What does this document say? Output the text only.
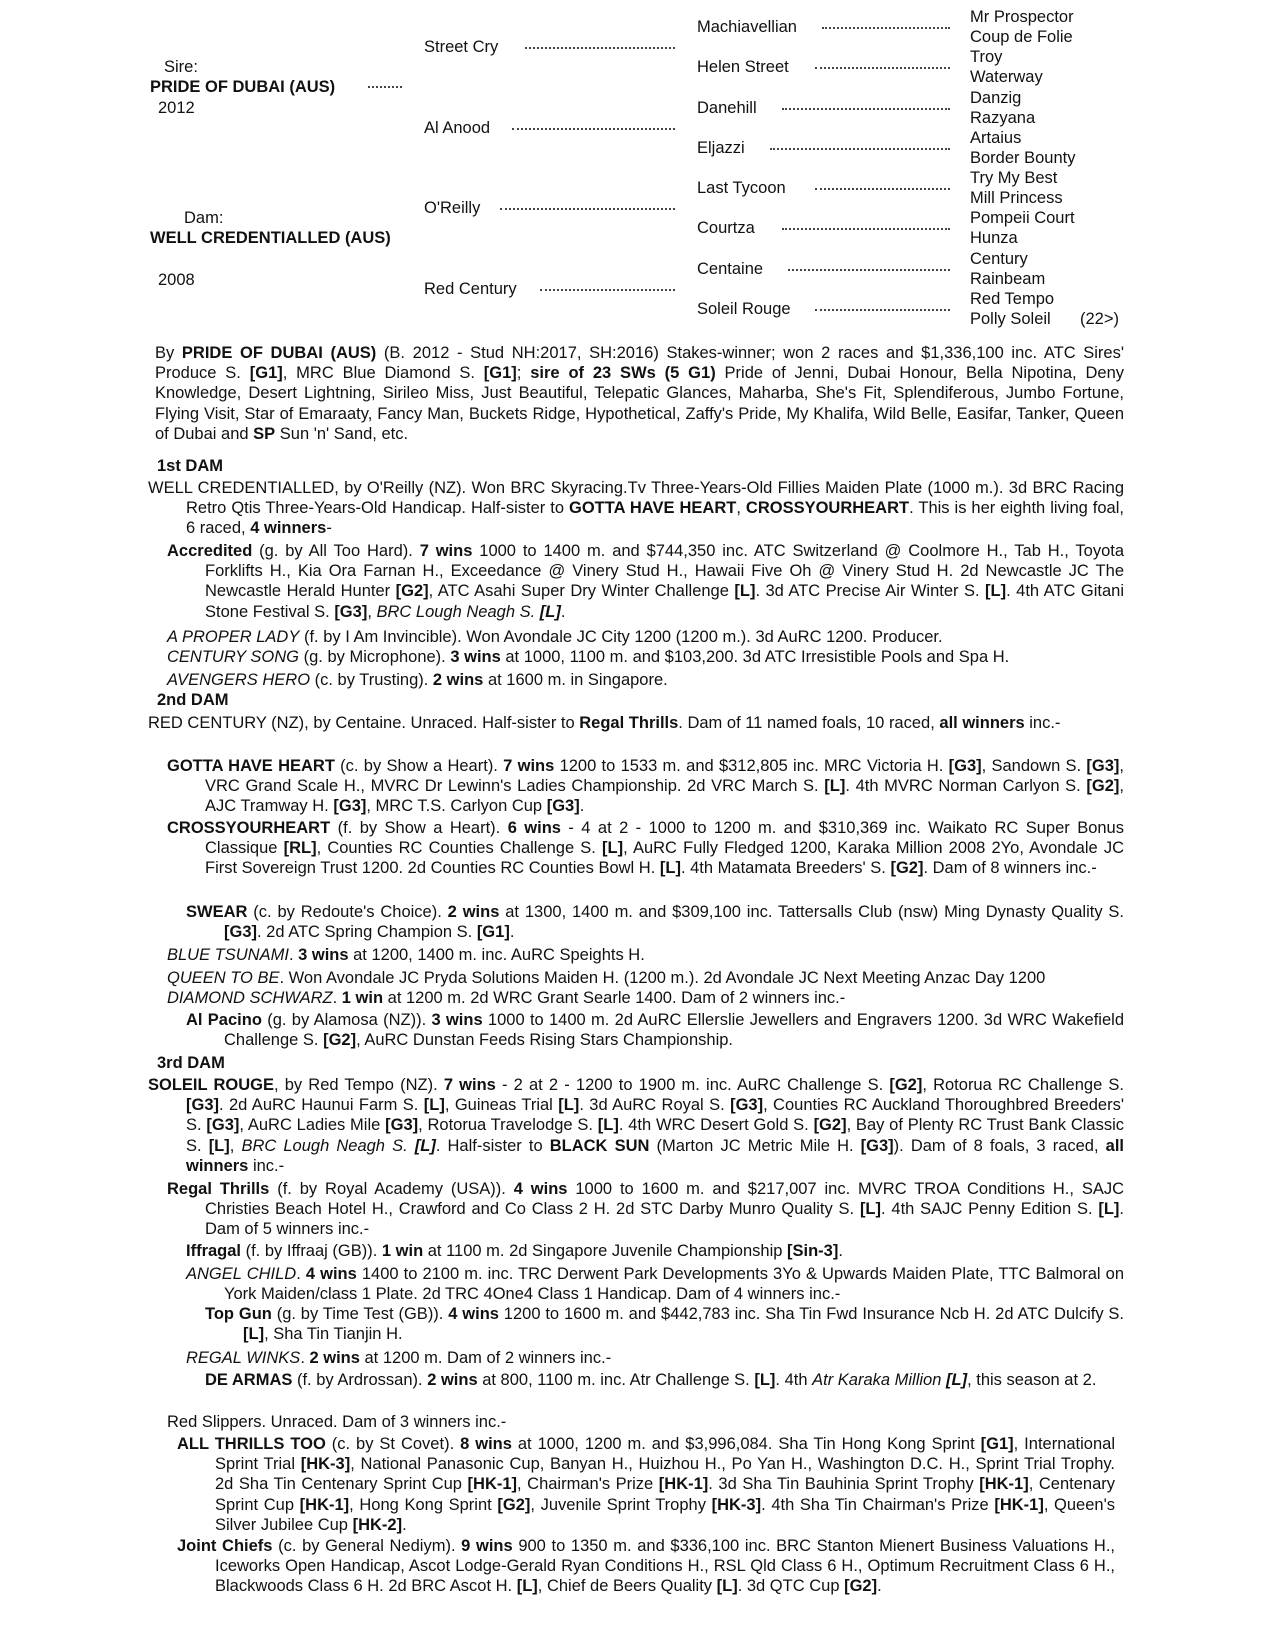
Sire:
PRIDE OF DUBAI (AUS)
2012
Dam:
WELL CREDENTIALLED (AUS)
2008
Street Cry
Al Anood
O'Reilly
Red Century
Machiavellian
Helen Street
Danehill
Eljazzi
Last Tycoon
Courtza
Centaine
Soleil Rouge
Mr Prospector
Coup de Folie
Troy
Waterway
Danzig
Razyana
Artaius
Border Bounty
Try My Best
Mill Princess
Pompeii Court
Hunza
Century
Rainbeam
Red Tempo
Polly Soleil (22>)
By PRIDE OF DUBAI (AUS) (B. 2012 - Stud NH:2017, SH:2016) Stakes-winner; won 2 races and $1,336,100 inc. ATC Sires' Produce S. [G1], MRC Blue Diamond S. [G1]; sire of 23 SWs (5 G1) Pride of Jenni, Dubai Honour, Bella Nipotina, Deny Knowledge, Desert Lightning, Sirileo Miss, Just Beautiful, Telepatic Glances, Maharba, She's Fit, Splendiferous, Jumbo Fortune, Flying Visit, Star of Emaraaty, Fancy Man, Buckets Ridge, Hypothetical, Zaffy's Pride, My Khalifa, Wild Belle, Easifar, Tanker, Queen of Dubai and SP Sun 'n' Sand, etc.
1st DAM
WELL CREDENTIALLED, by O'Reilly (NZ). Won BRC Skyracing.Tv Three-Years-Old Fillies Maiden Plate (1000 m.). 3d BRC Racing Retro Qtis Three-Years-Old Handicap. Half-sister to GOTTA HAVE HEART, CROSSYOURHEART. This is her eighth living foal, 6 raced, 4 winners-
Accredited (g. by All Too Hard). 7 wins 1000 to 1400 m. and $744,350 inc. ATC Switzerland @ Coolmore H., Tab H., Toyota Forklifts H., Kia Ora Farnan H., Exceedance @ Vinery Stud H., Hawaii Five Oh @ Vinery Stud H. 2d Newcastle JC The Newcastle Herald Hunter [G2], ATC Asahi Super Dry Winter Challenge [L]. 3d ATC Precise Air Winter S. [L]. 4th ATC Gitani Stone Festival S. [G3], BRC Lough Neagh S. [L].
A PROPER LADY (f. by I Am Invincible). Won Avondale JC City 1200 (1200 m.). 3d AuRC 1200. Producer.
CENTURY SONG (g. by Microphone). 3 wins at 1000, 1100 m. and $103,200. 3d ATC Irresistible Pools and Spa H.
AVENGERS HERO (c. by Trusting). 2 wins at 1600 m. in Singapore.
2nd DAM
RED CENTURY (NZ), by Centaine. Unraced. Half-sister to Regal Thrills. Dam of 11 named foals, 10 raced, all winners inc.-
GOTTA HAVE HEART (c. by Show a Heart). 7 wins 1200 to 1533 m. and $312,805 inc. MRC Victoria H. [G3], Sandown S. [G3], VRC Grand Scale H., MVRC Dr Lewinn's Ladies Championship. 2d VRC March S. [L]. 4th MVRC Norman Carlyon S. [G2], AJC Tramway H. [G3], MRC T.S. Carlyon Cup [G3].
CROSSYOURHEART (f. by Show a Heart). 6 wins - 4 at 2 - 1000 to 1200 m. and $310,369 inc. Waikato RC Super Bonus Classique [RL], Counties RC Counties Challenge S. [L], AuRC Fully Fledged 1200, Karaka Million 2008 2Yo, Avondale JC First Sovereign Trust 1200. 2d Counties RC Counties Bowl H. [L]. 4th Matamata Breeders' S. [G2]. Dam of 8 winners inc.-
SWEAR (c. by Redoute's Choice). 2 wins at 1300, 1400 m. and $309,100 inc. Tattersalls Club (nsw) Ming Dynasty Quality S. [G3]. 2d ATC Spring Champion S. [G1].
BLUE TSUNAMI. 3 wins at 1200, 1400 m. inc. AuRC Speights H.
QUEEN TO BE. Won Avondale JC Pryda Solutions Maiden H. (1200 m.). 2d Avondale JC Next Meeting Anzac Day 1200
DIAMOND SCHWARZ. 1 win at 1200 m. 2d WRC Grant Searle 1400. Dam of 2 winners inc.-
Al Pacino (g. by Alamosa (NZ)). 3 wins 1000 to 1400 m. 2d AuRC Ellerslie Jewellers and Engravers 1200. 3d WRC Wakefield Challenge S. [G2], AuRC Dunstan Feeds Rising Stars Championship.
3rd DAM
SOLEIL ROUGE, by Red Tempo (NZ). 7 wins - 2 at 2 - 1200 to 1900 m. inc. AuRC Challenge S. [G2], Rotorua RC Challenge S. [G3]. 2d AuRC Haunui Farm S. [L], Guineas Trial [L]. 3d AuRC Royal S. [G3], Counties RC Auckland Thoroughbred Breeders' S. [G3], AuRC Ladies Mile [G3], Rotorua Travelodge S. [L]. 4th WRC Desert Gold S. [G2], Bay of Plenty RC Trust Bank Classic S. [L], BRC Lough Neagh S. [L]. Half-sister to BLACK SUN (Marton JC Metric Mile H. [G3]). Dam of 8 foals, 3 raced, all winners inc.-
Regal Thrills (f. by Royal Academy (USA)). 4 wins 1000 to 1600 m. and $217,007 inc. MVRC TROA Conditions H., SAJC Christies Beach Hotel H., Crawford and Co Class 2 H. 2d STC Darby Munro Quality S. [L]. 4th SAJC Penny Edition S. [L]. Dam of 5 winners inc.-
Iffragal (f. by Iffraaj (GB)). 1 win at 1100 m. 2d Singapore Juvenile Championship [Sin-3].
ANGEL CHILD. 4 wins 1400 to 2100 m. inc. TRC Derwent Park Developments 3Yo & Upwards Maiden Plate, TTC Balmoral on York Maiden/class 1 Plate. 2d TRC 4One4 Class 1 Handicap. Dam of 4 winners inc.-
Top Gun (g. by Time Test (GB)). 4 wins 1200 to 1600 m. and $442,783 inc. Sha Tin Fwd Insurance Ncb H. 2d ATC Dulcify S. [L], Sha Tin Tianjin H.
REGAL WINKS. 2 wins at 1200 m. Dam of 2 winners inc.-
DE ARMAS (f. by Ardrossan). 2 wins at 800, 1100 m. inc. Atr Challenge S. [L]. 4th Atr Karaka Million [L], this season at 2.
Red Slippers. Unraced. Dam of 3 winners inc.-
ALL THRILLS TOO (c. by St Covet). 8 wins at 1000, 1200 m. and $3,996,084. Sha Tin Hong Kong Sprint [G1], International Sprint Trial [HK-3], National Panasonic Cup, Banyan H., Huizhou H., Po Yan H., Washington D.C. H., Sprint Trial Trophy. 2d Sha Tin Centenary Sprint Cup [HK-1], Chairman's Prize [HK-1]. 3d Sha Tin Bauhinia Sprint Trophy [HK-1], Centenary Sprint Cup [HK-1], Hong Kong Sprint [G2], Juvenile Sprint Trophy [HK-3]. 4th Sha Tin Chairman's Prize [HK-1], Queen's Silver Jubilee Cup [HK-2].
Joint Chiefs (c. by General Nediym). 9 wins 900 to 1350 m. and $336,100 inc. BRC Stanton Mienert Business Valuations H., Iceworks Open Handicap, Ascot Lodge-Gerald Ryan Conditions H., RSL Qld Class 6 H., Optimum Recruitment Class 6 H., Blackwoods Class 6 H. 2d BRC Ascot H. [L], Chief de Beers Quality [L]. 3d QTC Cup [G2].
